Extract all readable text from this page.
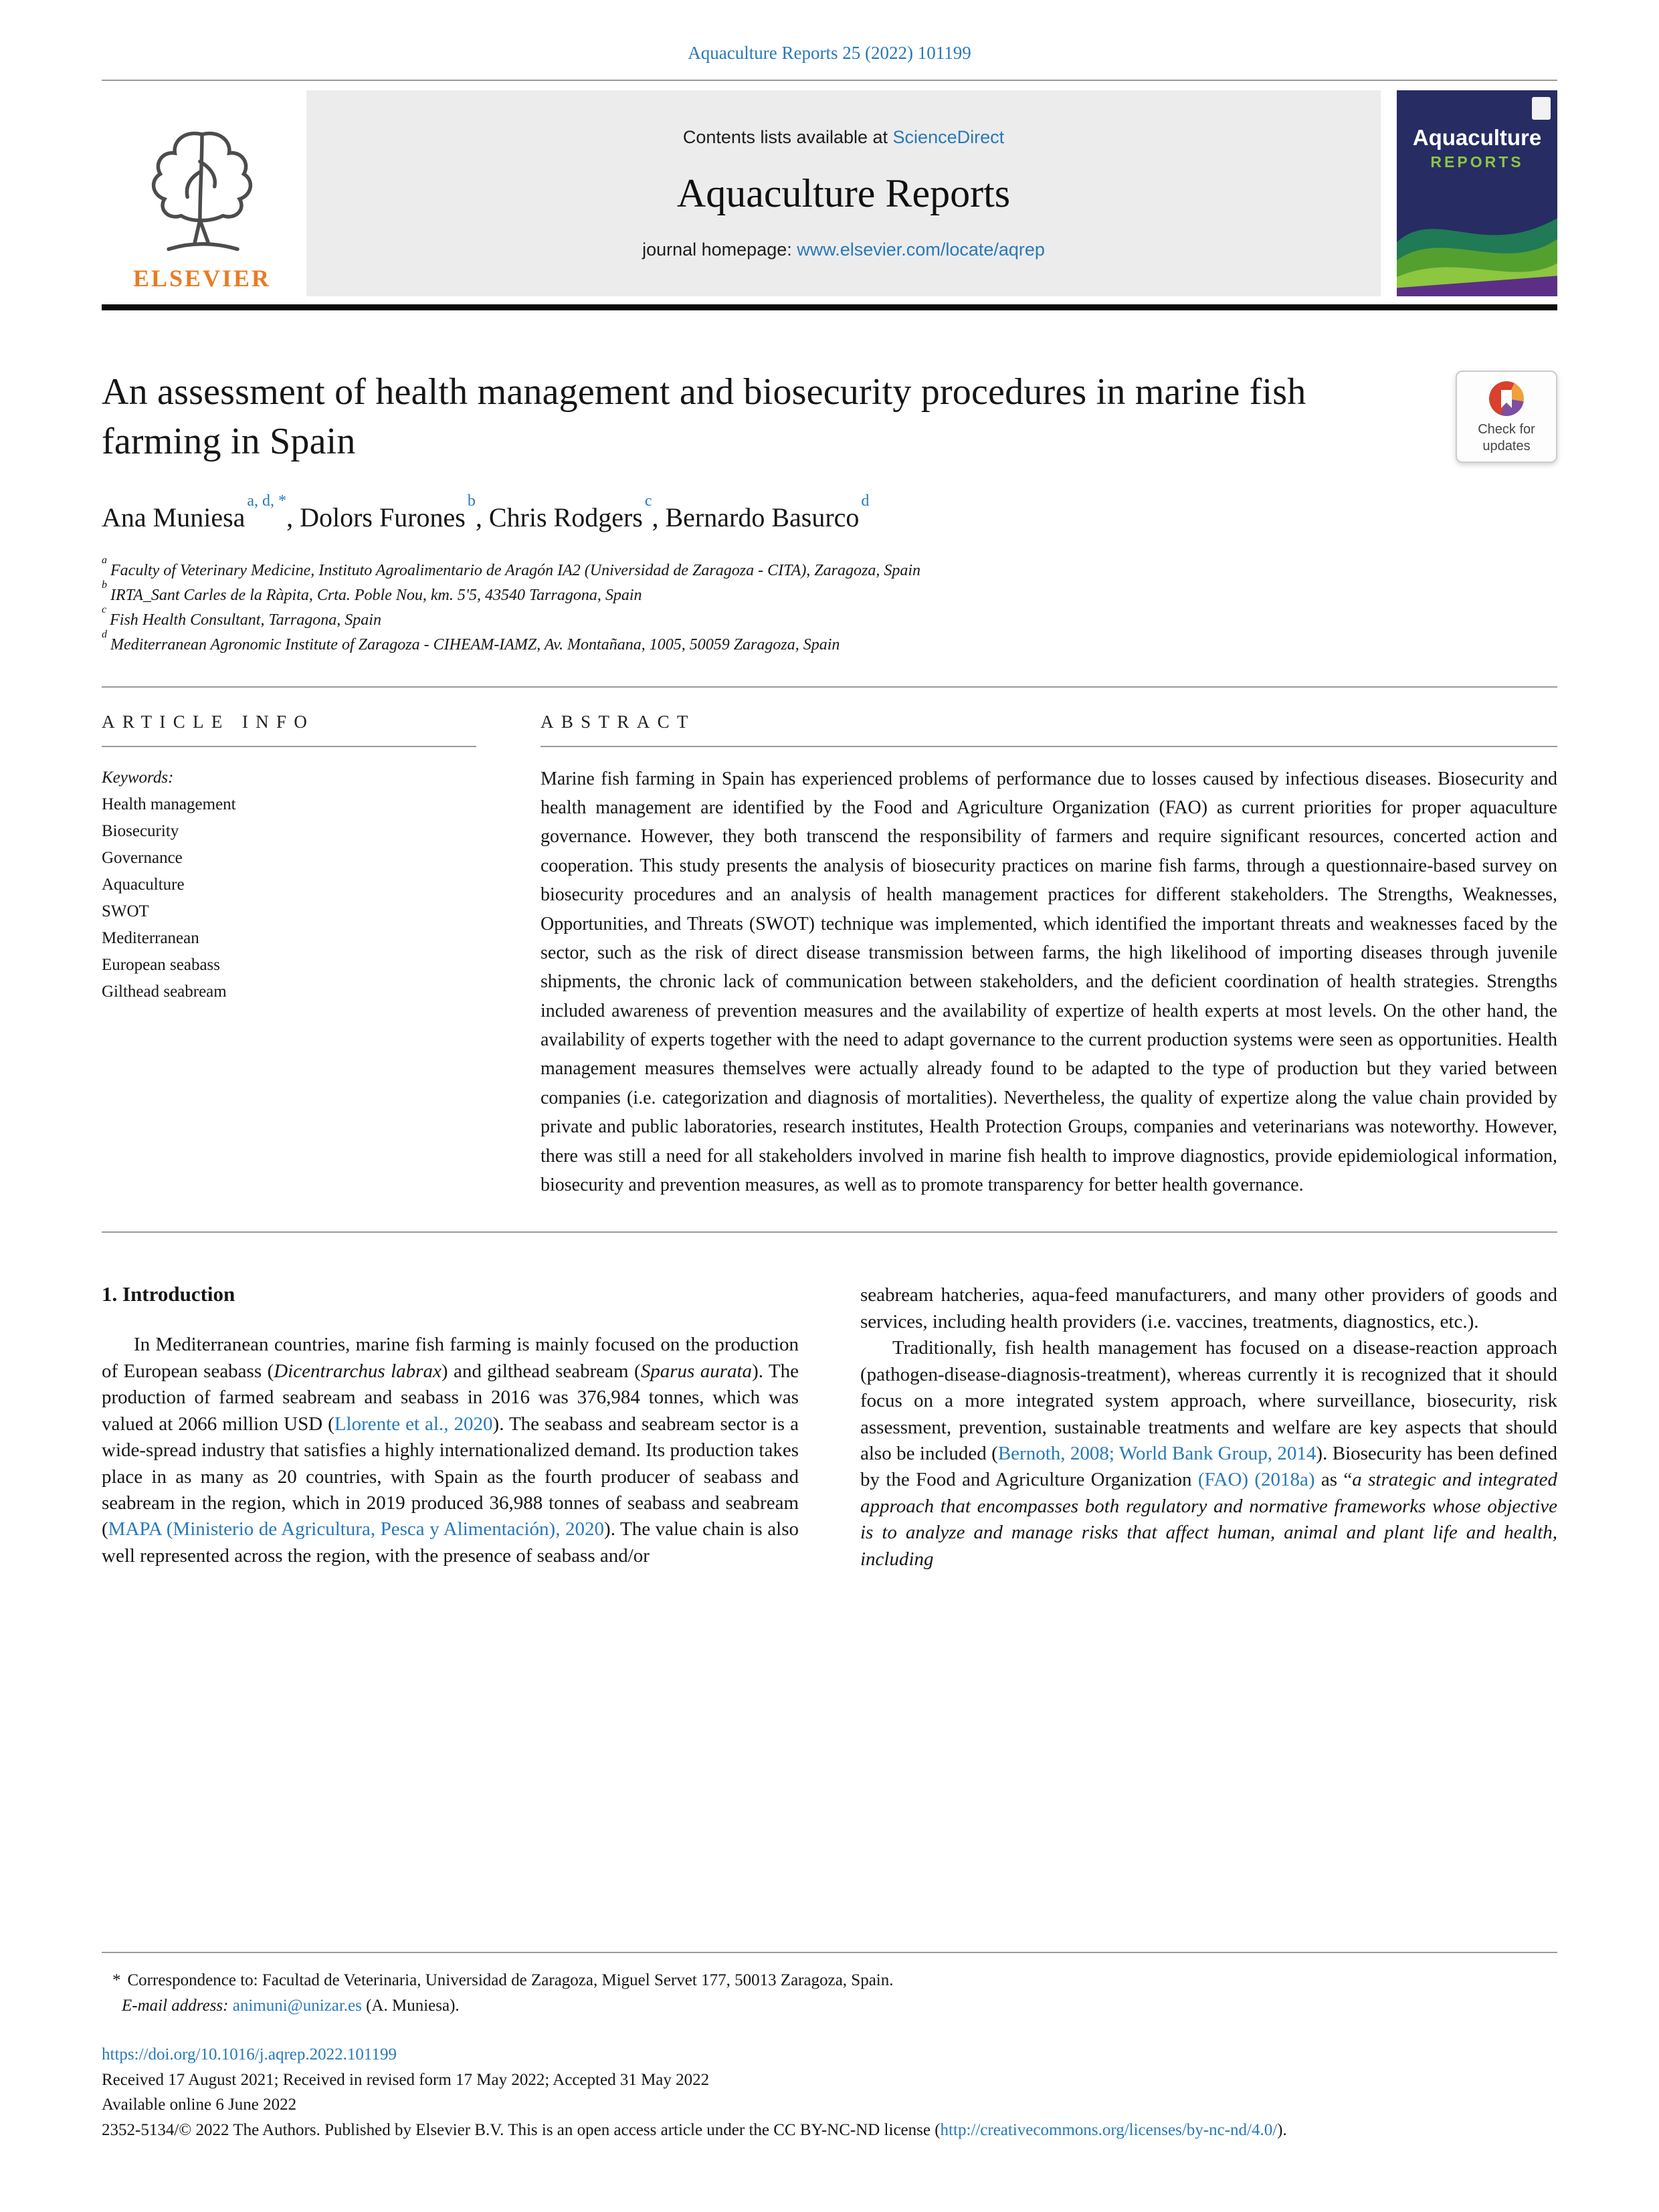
Aquaculture Reports 25 (2022) 101199
ELSEVIER
Contents lists available at ScienceDirect
Aquaculture Reports
journal homepage: www.elsevier.com/locate/aqrep
Aquaculture
REPORTS
An assessment of health management and biosecurity procedures in marine fish farming in Spain	Check for
updates
Ana Muniesa$^{a, d, *}$, Dolors Furones$^b$, Chris Rodgers$^c$, Bernardo Basurco$^d$
$^a$Faculty of Veterinary Medicine, Instituto Agroalimentario de Aragón IA2 (Universidad de Zaragoza - CITA), Zaragoza, Spain
$^b$IRTA_Sant Carles de la Ràpita, Crta. Poble Nou, km. 5'5, 43540 Tarragona, Spain
$^c$Fish Health Consultant, Tarragona, Spain
$^d$Mediterranean Agronomic Institute of Zaragoza - CIHEAM-IAMZ, Av. Montañana, 1005, 50059 Zaragoza, Spain
ARTICLE INFO
Keywords:
Health management
Biosecurity
Governance
Aquaculture
SWOT
Mediterranean
European seabass
Gilthead seabream
ABSTRACT

Marine fish farming in Spain has experienced problems of performance due to losses caused by infectious diseases. Biosecurity and health management are identified by the Food and Agriculture Organization (FAO) as current priorities for proper aquaculture governance. However, they both transcend the responsibility of farmers and require significant resources, concerted action and cooperation. This study presents the analysis of biosecurity practices on marine fish farms, through a questionnaire-based survey on biosecurity procedures and an analysis of health management practices for different stakeholders. The Strengths, Weaknesses, Opportunities, and Threats (SWOT) technique was implemented, which identified the important threats and weaknesses faced by the sector, such as the risk of direct disease transmission between farms, the high likelihood of importing diseases through juvenile shipments, the chronic lack of communication between stakeholders, and the deficient coordination of health strategies. Strengths included awareness of prevention measures and the availability of expertize of health experts at most levels. On the other hand, the availability of experts together with the need to adapt governance to the current production systems were seen as opportunities. Health management measures themselves were actually already found to be adapted to the type of production but they varied between companies (i.e. categorization and diagnosis of mortalities). Nevertheless, the quality of expertize along the value chain provided by private and public laboratories, research institutes, Health Protection Groups, companies and veterinarians was noteworthy. However, there was still a need for all stakeholders involved in marine fish health to improve diagnostics, provide epidemiological information, biosecurity and prevention measures, as well as to promote transparency for better health governance.

1. Introduction

In Mediterranean countries, marine fish farming is mainly focused on the production of European seabass (Dicentrarchus labrax) and gilthead seabream (Sparus aurata). The production of farmed seabream and seabass in 2016 was 376,984 tonnes, which was valued at 2066 million USD (Llorente et al., 2020). The seabass and seabream sector is a wide-spread industry that satisfies a highly internationalized demand. Its production takes place in as many as 20 countries, with Spain as the fourth producer of seabass and seabream in the region, which in 2019 produced 36,988 tonnes of seabass and seabream (MAPA (Ministerio de Agricultura, Pesca y Alimentación), 2020). The value chain is also well represented across the region, with the presence of seabass and/or

seabream hatcheries, aqua-feed manufacturers, and many other providers of goods and services, including health providers (i.e. vaccines, treatments, diagnostics, etc.).

Traditionally, fish health management has focused on a disease-reaction approach (pathogen-disease-diagnosis-treatment), whereas currently it is recognized that it should focus on a more integrated system approach, where surveillance, biosecurity, risk assessment, prevention, sustainable treatments and welfare are key aspects that should also be included (Bernoth, 2008; World Bank Group, 2014). Biosecurity has been defined by the Food and Agriculture Organization (FAO) (2018a) as “a strategic and integrated approach that encompasses both regulatory and normative frameworks whose objective is to analyze and manage risks that affect human, animal and plant life and health, including

* Correspondence to: Facultad de Veterinaria, Universidad de Zaragoza, Miguel Servet 177, 50013 Zaragoza, Spain.
E-mail address: animuni@unizar.es (A. Muniesa).
https://doi.org/10.1016/j.aqrep.2022.101199
Received 17 August 2021; Received in revised form 17 May 2022; Accepted 31 May 2022
Available online 6 June 2022
2352-5134/© 2022 The Authors. Published by Elsevier B.V. This is an open access article under the CC BY-NC-ND license (http://creativecommons.org/licenses/by-nc-nd/4.0/).
